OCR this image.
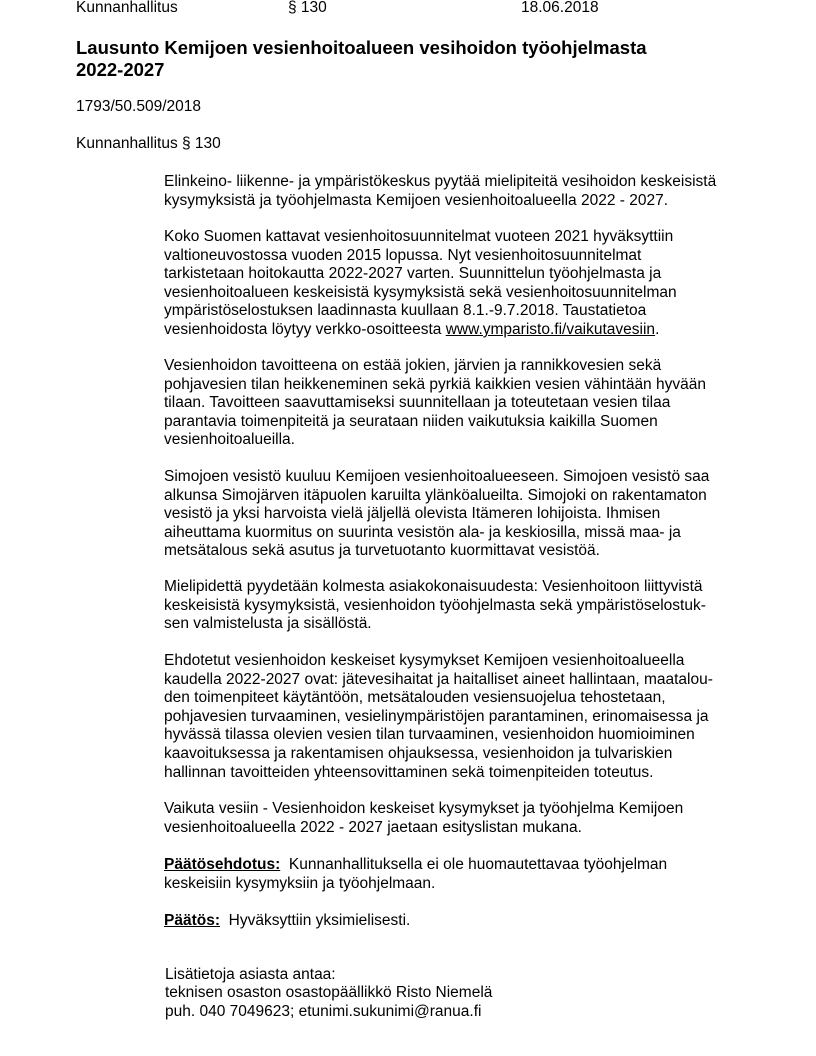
Kunnanhallitus	§ 130	18.06.2018
Lausunto Kemijoen vesienhoitoalueen vesihoidon työohjelmasta
2022-2027
1793/50.509/2018
Kunnanhallitus § 130
Elinkeino- liikenne- ja ympäristökeskus pyytää mielipiteitä vesihoidon keskeisistä
kysymyksistä ja työohjelmasta Kemijoen vesienhoitoalueella 2022 - 2027.
Koko Suomen kattavat vesienhoitosuunnitelmat vuoteen 2021 hyväksyttiin
valtioneuvostossa vuoden 2015 lopussa. Nyt vesienhoitosuunnitelmat
tarkistetaan hoitokautta 2022-2027 varten. Suunnittelun työohjelmasta ja
vesienhoitoalueen keskeisistä kysymyksistä sekä vesienhoitosuunnitelman
ympäristöselostuksen laadinnasta kuullaan 8.1.-9.7.2018. Taustatietoa
vesienhoidosta löytyy verkko-osoitteesta www.ymparisto.fi/vaikutavesiin.
Vesienhoidon tavoitteena on estää jokien, järvien ja rannikkovesien sekä
pohjavesien tilan heikkeneminen sekä pyrkiä kaikkien vesien vähintään hyvään
tilaan. Tavoitteen saavuttamiseksi suunnitellaan ja toteutetaan vesien tilaa
parantavia toimenpiteitä ja seurataan niiden vaikutuksia kaikilla Suomen
vesienhoitoalueilla.
Simojoen vesistö kuuluu Kemijoen vesienhoitoalueeseen. Simojoen vesistö saa
alkunsa Simojärven itäpuolen karuilta ylänköalueilta. Simojoki on rakentamaton
vesistö ja yksi harvoista vielä jäljellä olevista Itämeren lohijoista. Ihmisen
aiheuttama kuormitus on suurinta vesistön ala- ja keskiosilla, missä maa- ja
metsätalous sekä asutus ja turvetuotanto kuormittavat vesistöä.
Mielipidettä pyydetään kolmesta asiakokonaisuudesta: Vesienhoitoon liittyvistä
keskeisistä kysymyksistä, vesienhoidon työohjelmasta sekä ympäristöselostuk-
sen valmistelusta ja sisällöstä.
Ehdotetut vesienhoidon keskeiset kysymykset Kemijoen vesienhoitoalueella
kaudella 2022-2027 ovat: jätevesihaitat ja haitalliset aineet hallintaan, maatalou-
den toimenpiteet käytäntöön, metsätalouden vesiensuojelua tehostetaan,
pohjavesien turvaaminen, vesielinympäristöjen parantaminen, erinomaisessa ja
hyvässä tilassa olevien vesien tilan turvaaminen, vesienhoidon huomioiminen
kaavoituksessa ja rakentamisen ohjauksessa, vesienhoidon ja tulvariskien
hallinnan tavoitteiden yhteensovittaminen sekä toimenpiteiden toteutus.
Vaikuta vesiin - Vesienhoidon keskeiset kysymykset ja työohjelma Kemijoen
vesienhoitoalueella 2022 - 2027 jaetaan esityslistan mukana.
Päätösehdotus: Kunnanhallituksella ei ole huomautettavaa työohjelman
keskeisiin kysymyksiin ja työohjelmaan.
Päätös: Hyväksyttiin yksimielisesti.
Lisätietoja asiasta antaa:
teknisen osaston osastopäällikkö Risto Niemelä
puh. 040 7049623; etunimi.sukunimi@ranua.fi
